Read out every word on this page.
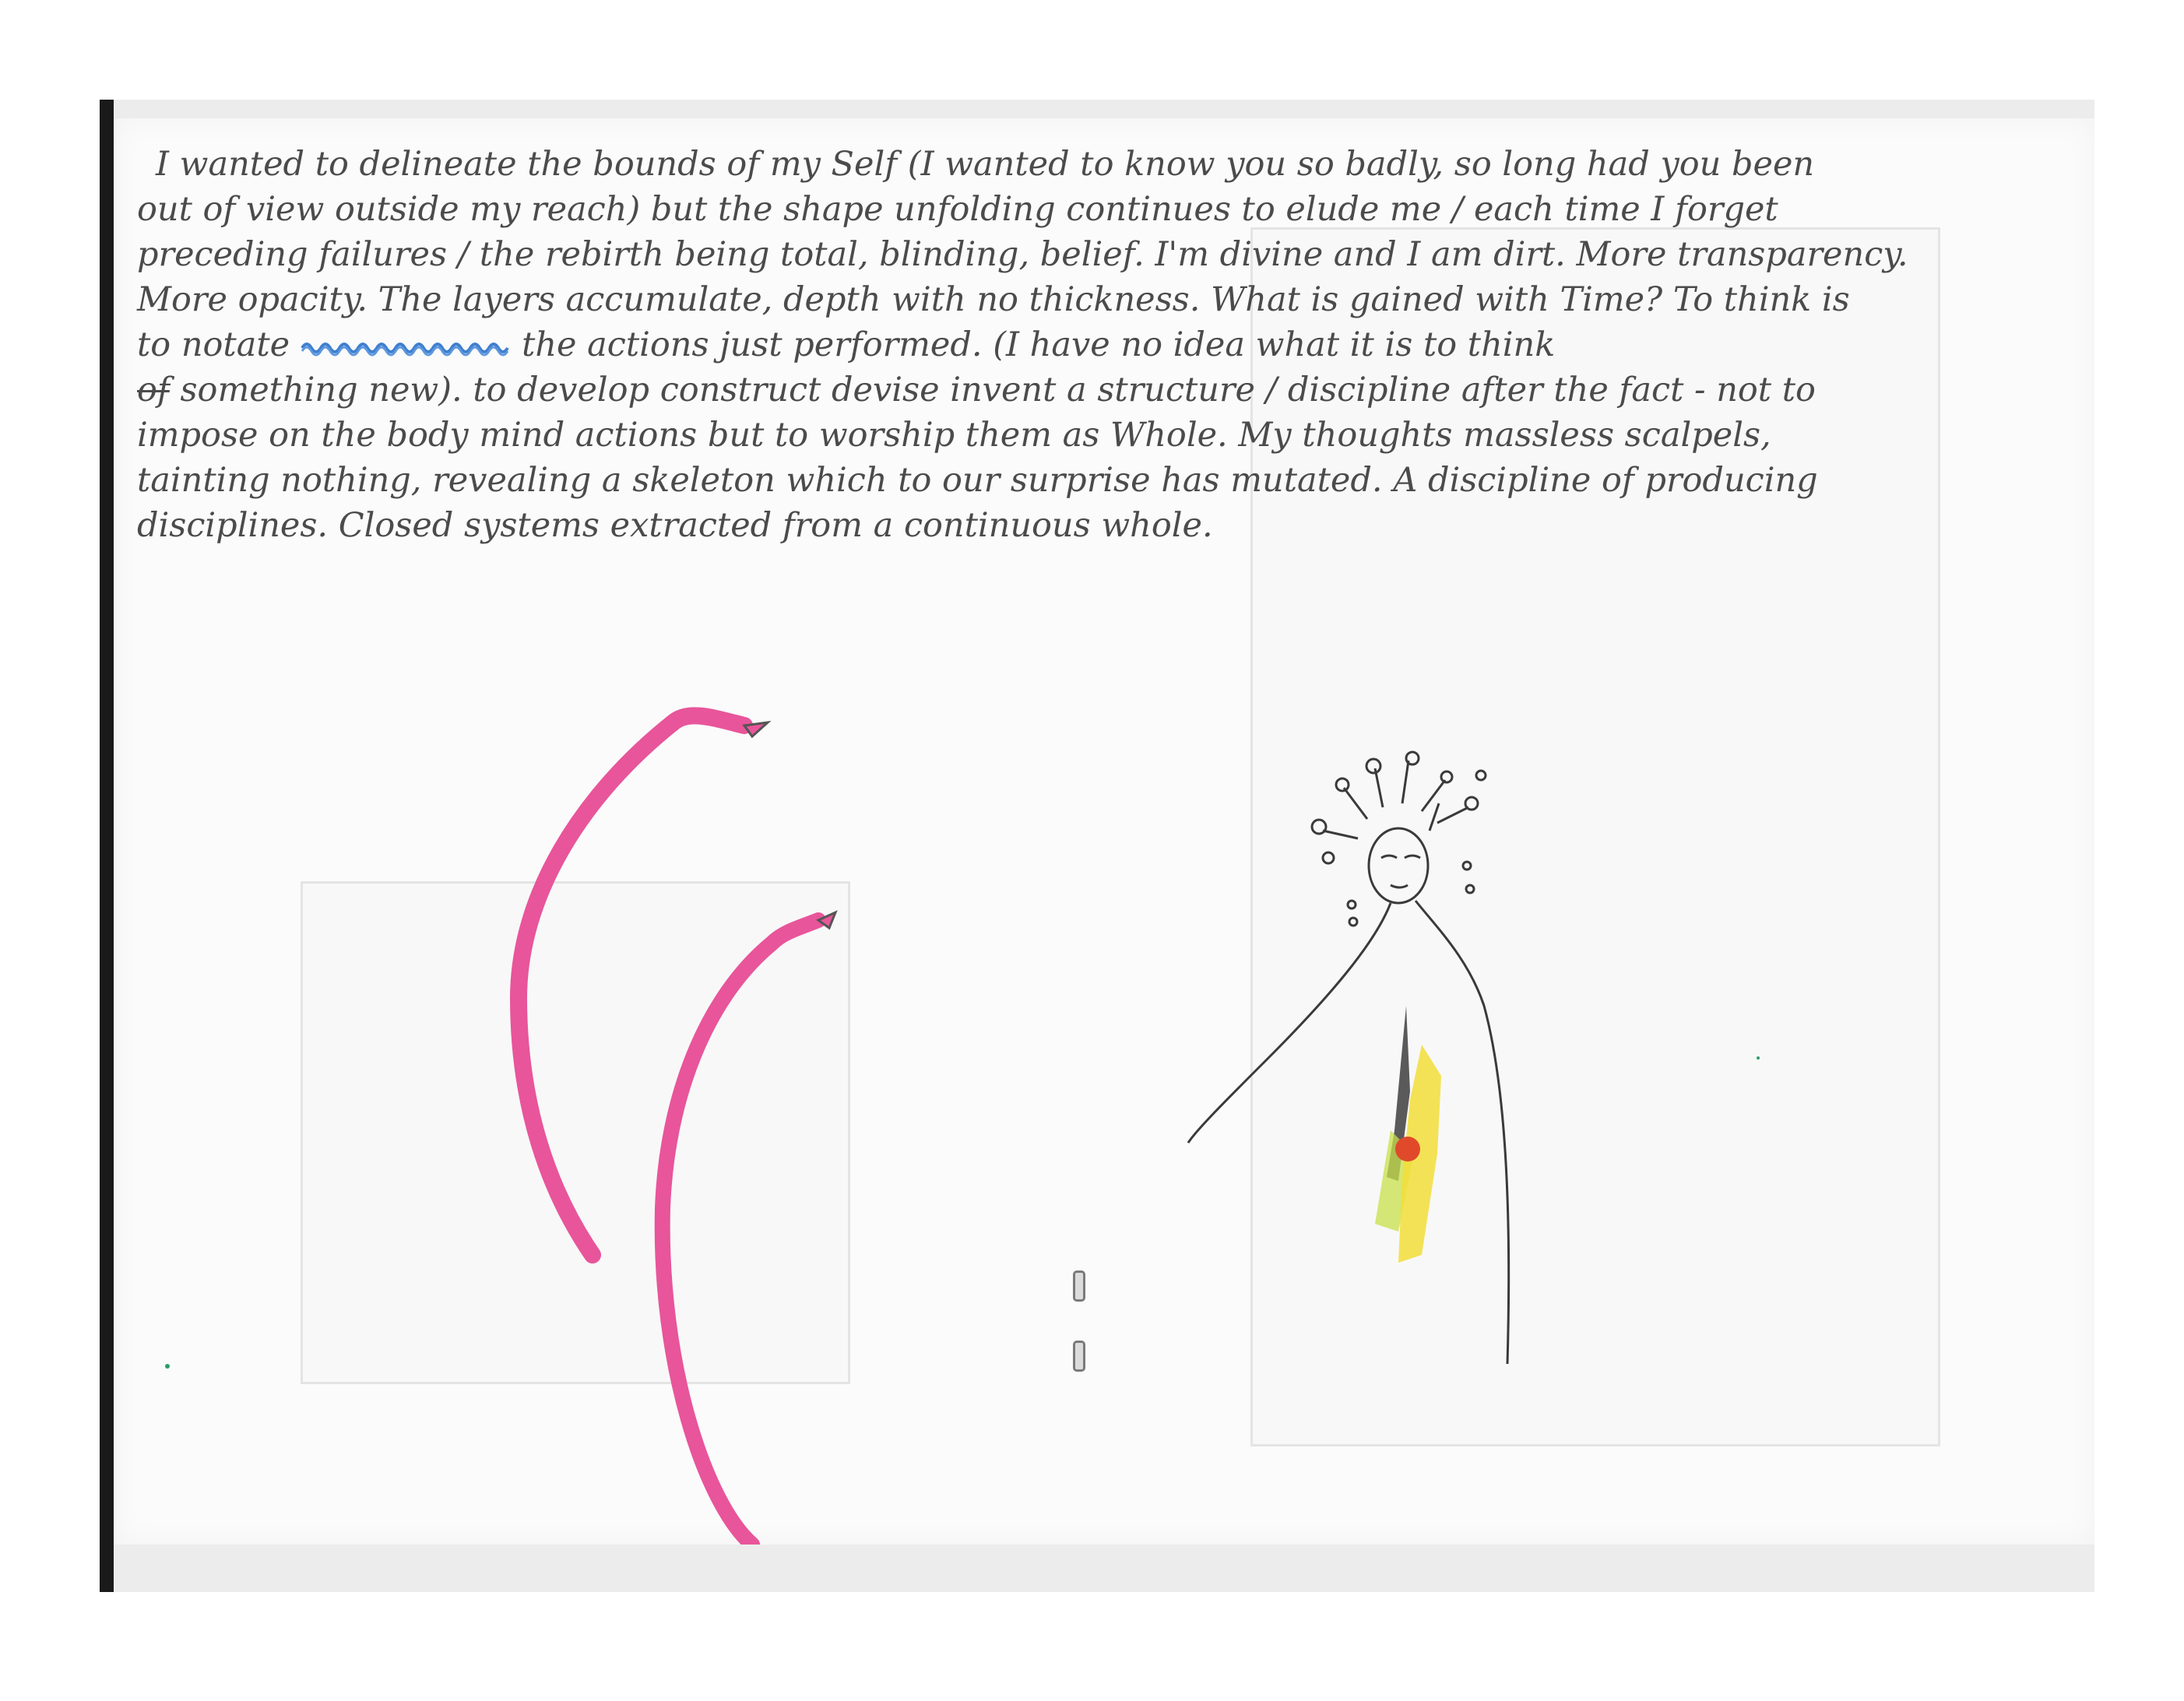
I wanted to delineate the bounds of my Self (I wanted to know you so badly, so long had you been
out of view outside my reach) but the shape unfolding continues to elude me / each time I forget
preceding failures / the rebirth being total, blinding, belief. I'm divine and I am dirt. More transparency.
More opacity. The layers accumulate, depth with no thickness. What is gained with Time? To think is
to notate	the actions just performed. (I have no idea what it is to think
of something new). to develop construct devise invent a structure / discipline after the fact - not to
impose on the body mind actions but to worship them as Whole. My thoughts massless scalpels,
tainting nothing, revealing a skeleton which to our surprise has mutated. A discipline of producing
disciplines. Closed systems extracted from a continuous whole.
